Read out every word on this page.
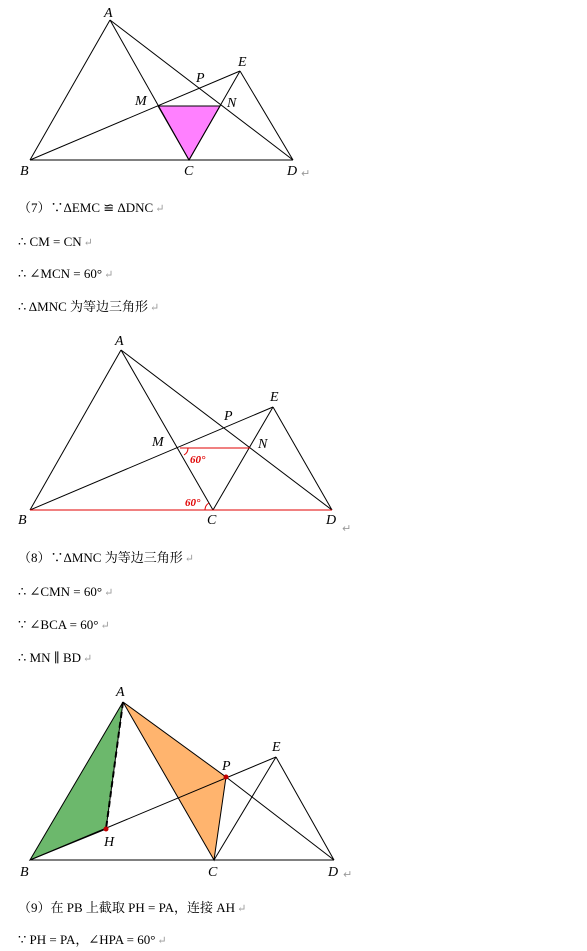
A
B	C	D
E
M	N
P
↵
（7）∵ΔEMC ≌ ΔDNC ↵
∴ CM = CN ↵
∴ ∠MCN = 60° ↵
∴ ΔMNC 为等边三角形 ↵
60°
60°
A
B	C	D
E
M	N
P
↵
（8）∵ΔMNC 为等边三角形 ↵
∴ ∠CMN = 60° ↵
∵ ∠BCA = 60° ↵
∴ MN ∥ BD ↵
A
B	C	D
E
H
P
↵
（9）在 PB 上截取 PH = PA，连接 AH ↵
∵ PH = PA，∠HPA = 60° ↵
